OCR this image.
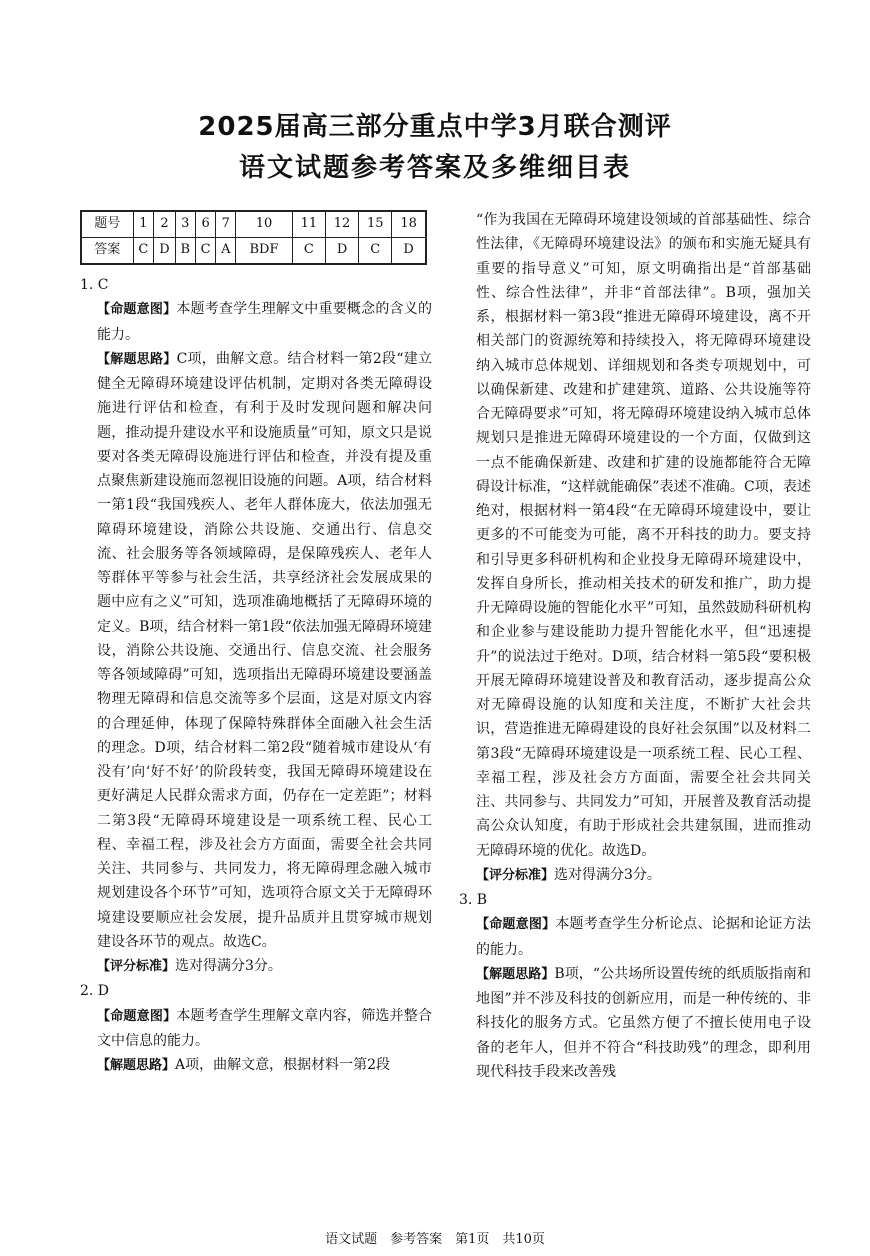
2025届高三部分重点中学3月联合测评
语文试题参考答案及多维细目表
题号	1	2	3	6	7	10	11	12	15	18
答案	C	D	B	C	A	BDF	C	D	C	D

1. C

【命题意图】本题考查学生理解文中重要概念的含义的能力。

【解题思路】C项，曲解文意。结合材料一第2段“建立健全无障碍环境建设评估机制，定期对各类无障碍设施进行评估和检查，有利于及时发现问题和解决问题，推动提升建设水平和设施质量”可知，原文只是说要对各类无障碍设施进行评估和检查，并没有提及重点聚焦新建设施而忽视旧设施的问题。A项，结合材料一第1段“我国残疾人、老年人群体庞大，依法加强无障碍环境建设，消除公共设施、交通出行、信息交流、社会服务等各领域障碍，是保障残疾人、老年人等群体平等参与社会生活，共享经济社会发展成果的题中应有之义”可知，选项准确地概括了无障碍环境的定义。B项，结合材料一第1段“依法加强无障碍环境建设，消除公共设施、交通出行、信息交流、社会服务等各领域障碍”可知，选项指出无障碍环境建设要涵盖物理无障碍和信息交流等多个层面，这是对原文内容的合理延伸，体现了保障特殊群体全面融入社会生活的理念。D项，结合材料二第2段“随着城市建设从‘有没有’向‘好不好’的阶段转变，我国无障碍环境建设在更好满足人民群众需求方面，仍存在一定差距”；材料二第3段“无障碍环境建设是一项系统工程、民心工程、幸福工程，涉及社会方方面面，需要全社会共同关注、共同参与、共同发力，将无障碍理念融入城市规划建设各个环节”可知，选项符合原文关于无障碍环境建设要顺应社会发展，提升品质并且贯穿城市规划建设各环节的观点。故选C。

【评分标准】选对得满分3分。

2. D

【命题意图】本题考查学生理解文章内容，筛选并整合文中信息的能力。

【解题思路】A项，曲解文意，根据材料一第2段

“作为我国在无障碍环境建设领域的首部基础性、综合性法律，《无障碍环境建设法》的颁布和实施无疑具有重要的指导意义”可知，原文明确指出是“首部基础性、综合性法律”，并非“首部法律”。B项，强加关系，根据材料一第3段“推进无障碍环境建设，离不开相关部门的资源统筹和持续投入，将无障碍环境建设纳入城市总体规划、详细规划和各类专项规划中，可以确保新建、改建和扩建建筑、道路、公共设施等符合无障碍要求”可知，将无障碍环境建设纳入城市总体规划只是推进无障碍环境建设的一个方面，仅做到这一点不能确保新建、改建和扩建的设施都能符合无障碍设计标准，“这样就能确保”表述不准确。C项，表述绝对，根据材料一第4段“在无障碍环境建设中，要让更多的不可能变为可能，离不开科技的助力。要支持和引导更多科研机构和企业投身无障碍环境建设中，发挥自身所长，推动相关技术的研发和推广，助力提升无障碍设施的智能化水平”可知，虽然鼓励科研机构和企业参与建设能助力提升智能化水平，但“迅速提升”的说法过于绝对。D项，结合材料一第5段“要积极开展无障碍环境建设普及和教育活动，逐步提高公众对无障碍设施的认知度和关注度，不断扩大社会共识，营造推进无障碍建设的良好社会氛围”以及材料二第3段“无障碍环境建设是一项系统工程、民心工程、幸福工程，涉及社会方方面面，需要全社会共同关注、共同参与、共同发力”可知，开展普及教育活动提高公众认知度，有助于形成社会共建氛围，进而推动无障碍环境的优化。故选D。

【评分标准】选对得满分3分。

3. B

【命题意图】本题考查学生分析论点、论据和论证方法的能力。

【解题思路】B项，“公共场所设置传统的纸质版指南和地图”并不涉及科技的创新应用，而是一种传统的、非科技化的服务方式。它虽然方便了不擅长使用电子设备的老年人，但并不符合“科技助残”的理念，即利用现代科技手段来改善残

语文试题　参考答案　第1页　共10页
